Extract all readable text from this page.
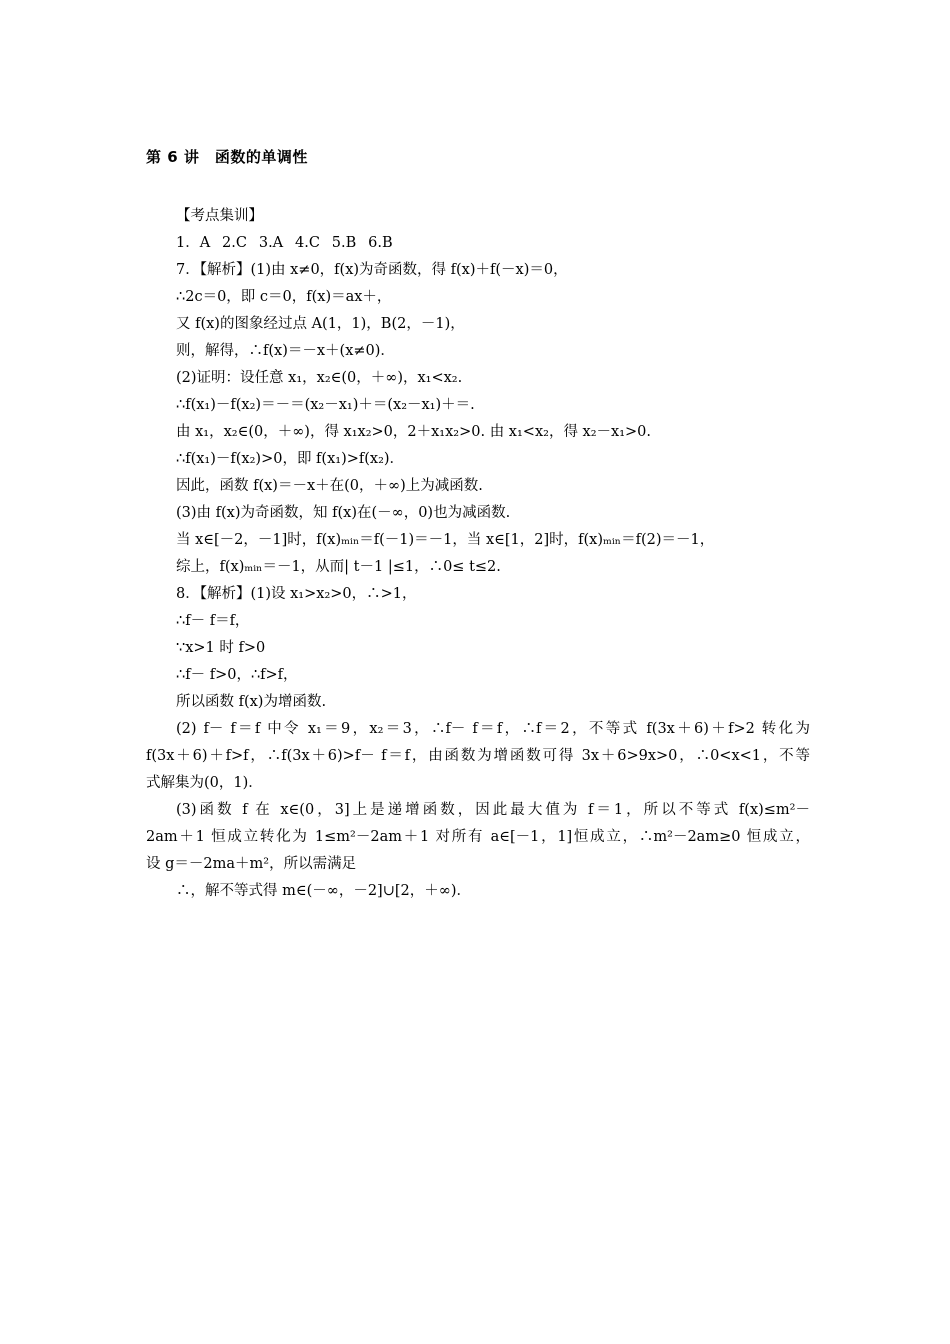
第 6 讲　函数的单调性
【考点集训】
1．A  2.C  3.A  4.C  5.B  6.B
7．【解析】(1)由 x≠0，f(x)为奇函数，得 f(x)＋f(－x)＝0，
∴2c＝0，即 c＝0，f(x)＝ax＋，
又 f(x)的图象经过点 A(1，1)，B(2，－1)，
则，解得，∴f(x)＝－x＋(x≠0)．
(2)证明：设任意 x₁，x₂∈(0，＋∞)，x₁<x₂.
∴f(x₁)－f(x₂)＝－＝(x₂－x₁)＋＝(x₂－x₁)＋＝.
由 x₁，x₂∈(0，＋∞)，得 x₁x₂>0，2＋x₁x₂>0. 由 x₁<x₂，得 x₂－x₁>0.
∴f(x₁)－f(x₂)>0，即 f(x₁)>f(x₂)．
因此，函数 f(x)＝－x＋在(0，＋∞)上为减函数.
(3)由 f(x)为奇函数，知 f(x)在(－∞，0)也为减函数.
当 x∈[－2，－1]时，f(x)ₘᵢₙ＝f(－1)＝－1，当 x∈[1，2]时，f(x)ₘᵢₙ＝f(2)＝－1，
综上，f(x)ₘᵢₙ＝－1，从而| t－1 |≤1，∴0≤ t≤2.
8．【解析】(1)设 x₁>x₂>0，∴>1，
∴f－ f＝f，
∵x>1 时 f>0
∴f－ f>0，∴f>f，
所以函数 f(x)为增函数.
(2) f－ f＝f 中令 x₁＝9，x₂＝3，∴f－ f＝f，∴f＝2，不等式 f(3x＋6)＋f>2 转化为
f(3x＋6)＋f>f，∴f(3x＋6)>f－ f＝f，由函数为增函数可得 3x＋6>9x>0，∴0<x<1，不等
式解集为(0，1)．
(3)函数 f 在 x∈(0，3]上是递增函数，因此最大值为 f＝1，所以不等式 f(x)≤m²－
2am＋1 恒成立转化为 1≤m²－2am＋1 对所有 a∈[－1，1]恒成立，∴m²－2am≥0 恒成立，
设 g＝－2ma＋m²，所以需满足
∴，解不等式得 m∈(－∞，－2]∪[2，＋∞)．
